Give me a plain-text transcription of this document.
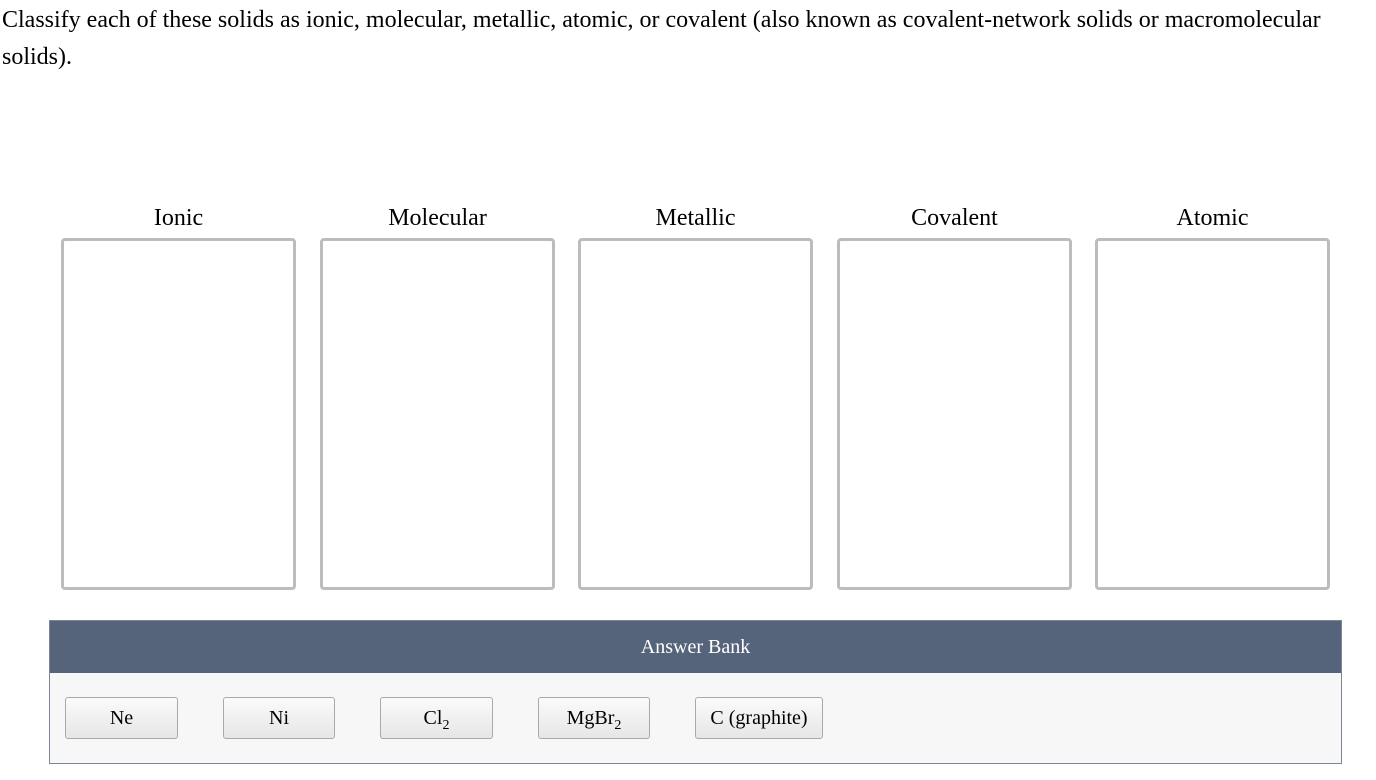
Classify each of these solids as ionic, molecular, metallic, atomic, or covalent (also known as covalent-network solids or macromolecular solids).

Ionic	Molecular	Metallic	Covalent	Atomic
Answer Bank
Ne	Ni	$Cl_2$	MgBr$_2$	C (graphite)
